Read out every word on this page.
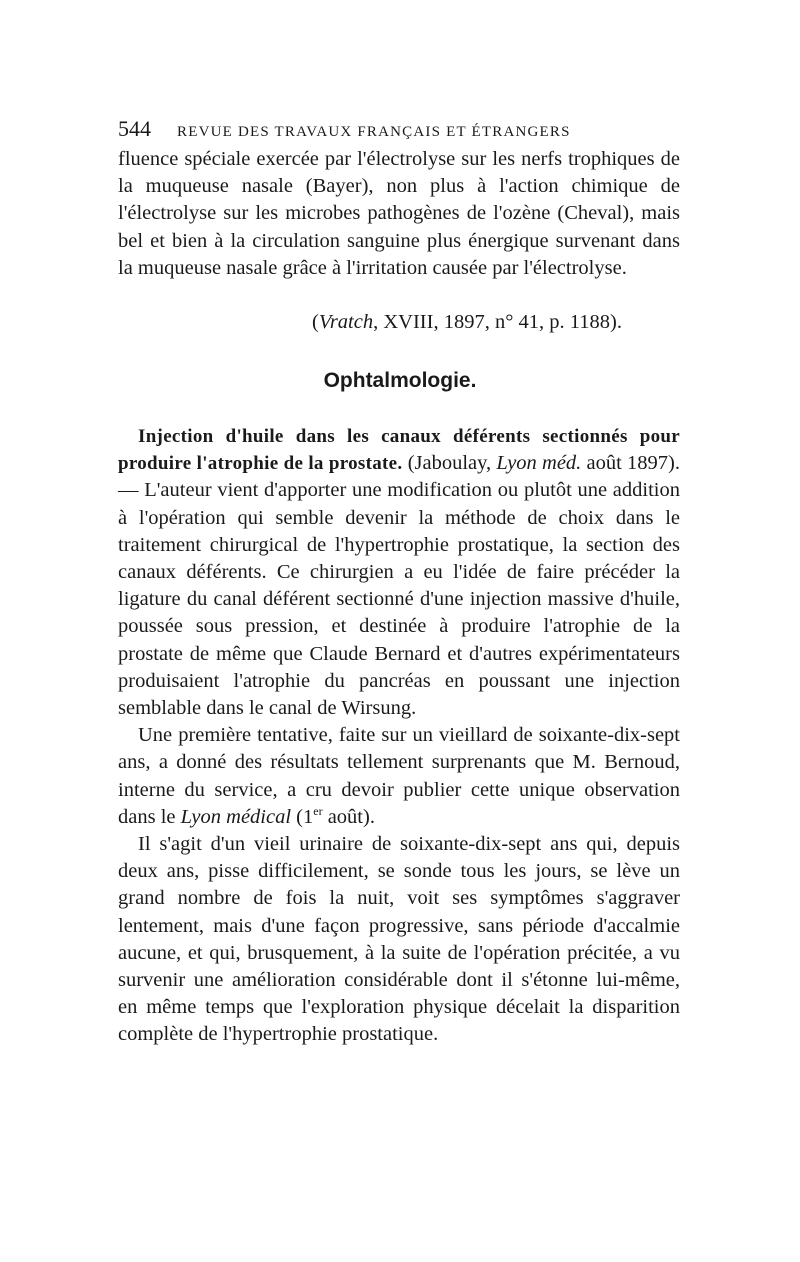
544 REVUE DES TRAVAUX FRANÇAIS ET ÉTRANGERS

fluence spéciale exercée par l'électrolyse sur les nerfs trophiques de la muqueuse nasale (Bayer), non plus à l'action chimique de l'électrolyse sur les microbes pathogènes de l'ozène (Cheval), mais bel et bien à la circulation sanguine plus énergique survenant dans la muqueuse nasale grâce à l'irritation causée par l'électrolyse.

(Vratch, XVIII, 1897, n° 41, p. 1188).
Ophtalmologie.

Injection d'huile dans les canaux déférents sectionnés pour produire l'atrophie de la prostate. (Jaboulay, Lyon méd. août 1897). — L'auteur vient d'apporter une modification ou plutôt une addition à l'opération qui semble devenir la méthode de choix dans le traitement chirurgical de l'hypertrophie prostatique, la section des canaux déférents. Ce chirurgien a eu l'idée de faire précéder la ligature du canal déférent sectionné d'une injection massive d'huile, poussée sous pression, et destinée à produire l'atrophie de la prostate de même que Claude Bernard et d'autres expérimentateurs produisaient l'atrophie du pancréas en poussant une injection semblable dans le canal de Wirsung.

Une première tentative, faite sur un vieillard de soixante-dix-sept ans, a donné des résultats tellement surprenants que M. Bernoud, interne du service, a cru devoir publier cette unique observation dans le Lyon médical (1er août).

Il s'agit d'un vieil urinaire de soixante-dix-sept ans qui, depuis deux ans, pisse difficilement, se sonde tous les jours, se lève un grand nombre de fois la nuit, voit ses symptômes s'aggraver lentement, mais d'une façon progressive, sans période d'accalmie aucune, et qui, brusquement, à la suite de l'opération précitée, a vu survenir une amélioration considérable dont il s'étonne lui-même, en même temps que l'exploration physique décelait la disparition complète de l'hypertrophie prostatique.
